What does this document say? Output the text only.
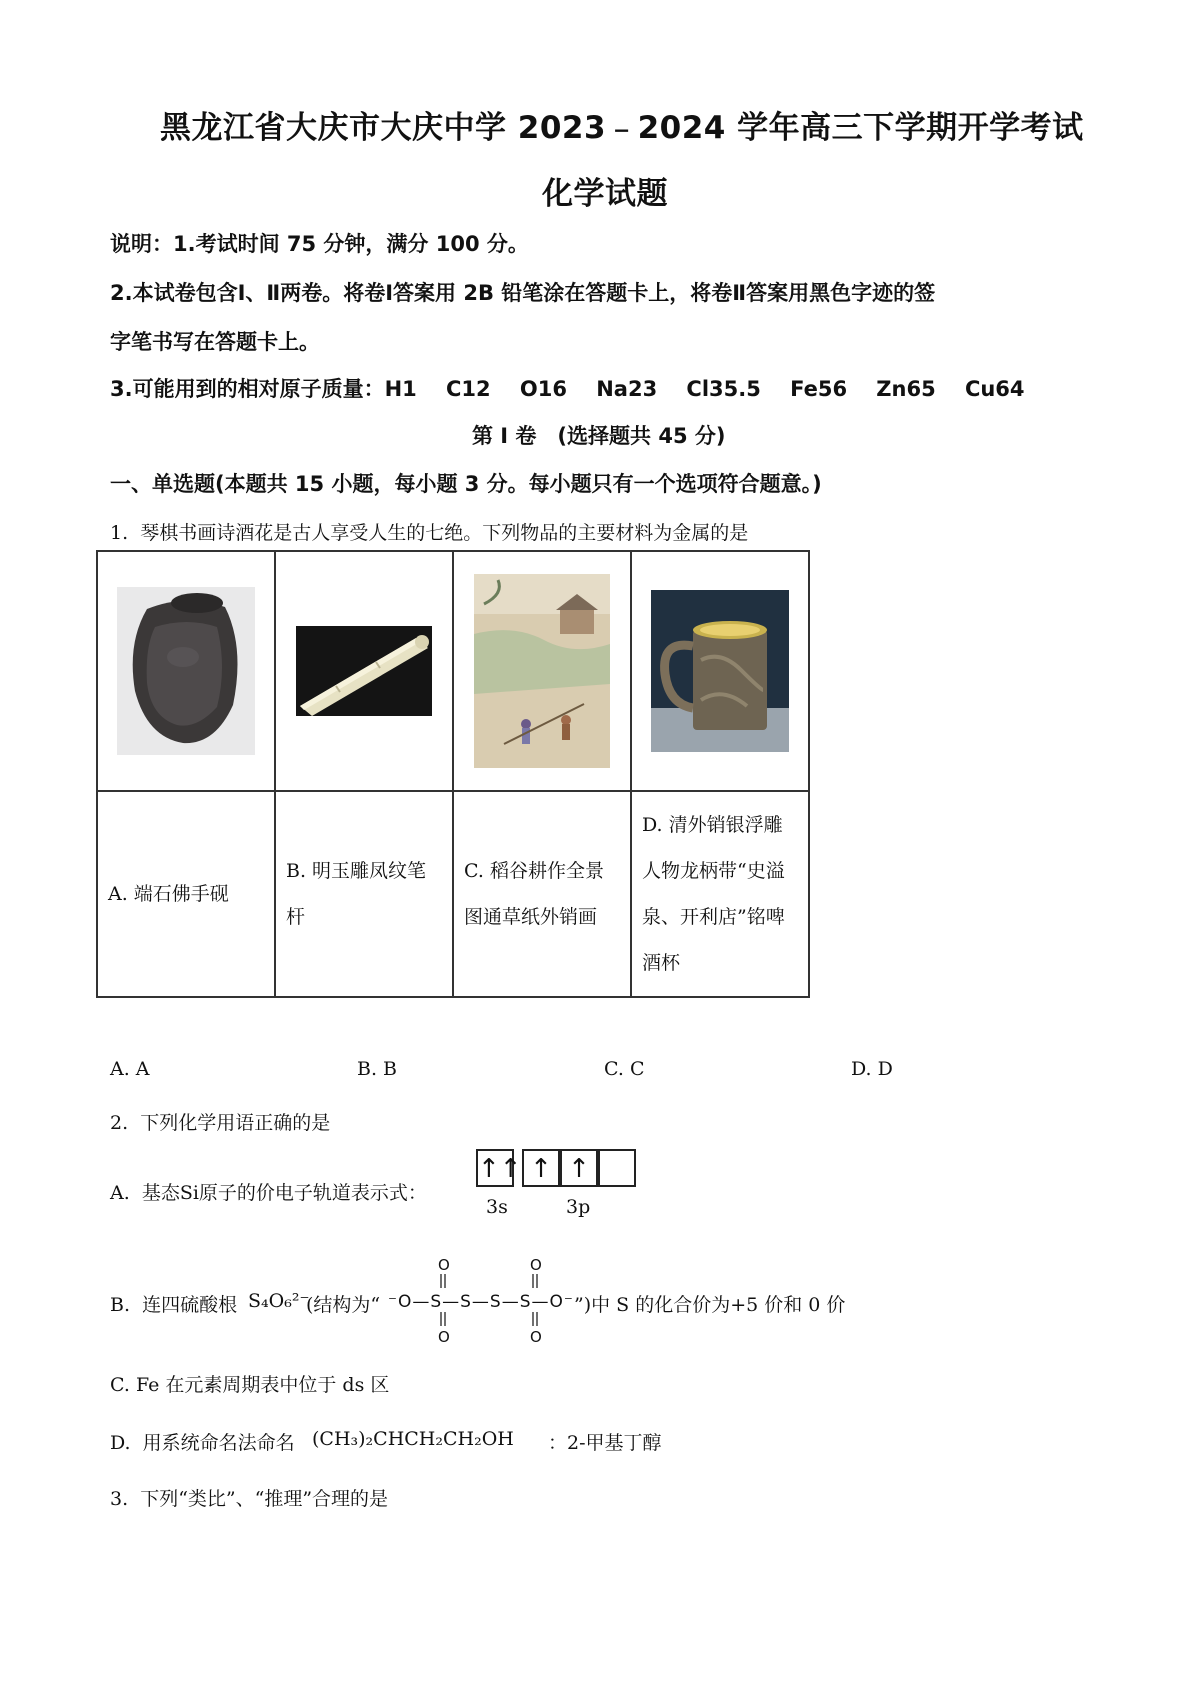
黑龙江省大庆市大庆中学 2023﹣2024 学年高三下学期开学考试
化学试题
说明：1.考试时间 75 分钟，满分 100 分。
2.本试卷包含Ⅰ、Ⅱ两卷。将卷Ⅰ答案用 2B 铅笔涂在答题卡上，将卷Ⅱ答案用黑色字迹的签
字笔书写在答题卡上。
3.可能用到的相对原子质量：H1    C12    O16    Na23    Cl35.5    Fe56    Zn65    Cu64
第 I 卷　(选择题共 45 分)
一、单选题(本题共 15 小题，每小题 3 分。每小题只有一个选项符合题意。)
1.  琴棋书画诗酒花是古人享受人生的七绝。下列物品的主要材料为金属的是

A. 端石佛手砚	B. 明玉雕凤纹笔杆	C. 稻谷耕作全景图通草纸外销画	D. 清外销银浮雕人物龙柄带“史溢泉、开利店”铭啤酒杯
A. A	B. B	C. C	D. D
2.  下列化学用语正确的是
A.  基态Si原子的价电子轨道表示式：
↑↑ ↑ ↑
3s	3p
B.  连四硫酸根 S₄O₆²⁻
(结构为“ ⁻O—S—S—S—S—O⁻
O
O
O
O
”)中 S 的化合价为+5 价和 0 价
C. Fe 在元素周期表中位于 ds 区
D.  用系统命名法命名 (CH₃)₂CHCH₂CH₂OH ：2-甲基丁醇
3.  下列“类比”、“推理”合理的是
